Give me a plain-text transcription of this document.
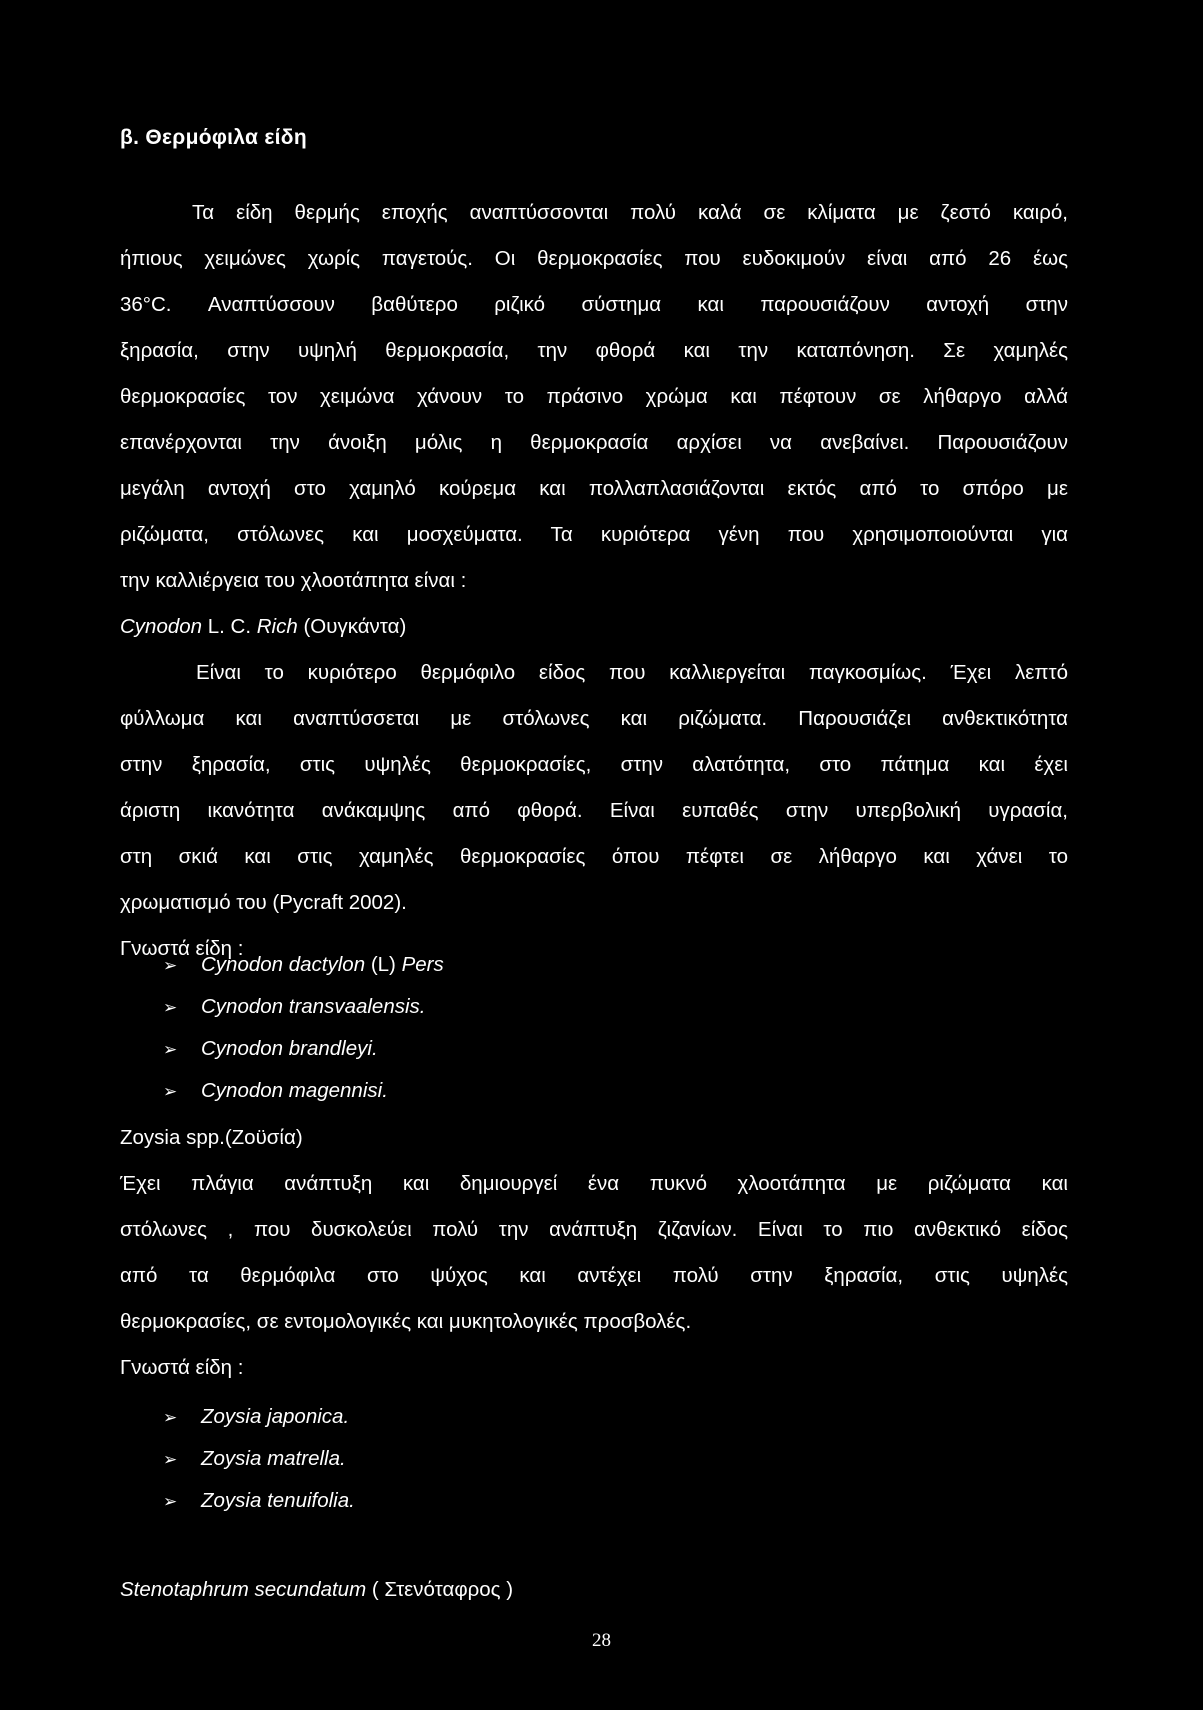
β. Θερμόφιλα είδη
Τα είδη θερμής εποχής αναπτύσσονται πολύ καλά σε κλίματα με ζεστό καιρό,
ήπιους χειμώνες χωρίς παγετούς. Οι θερμοκρασίες που ευδοκιμούν είναι από 26 έως
36°C. Αναπτύσσουν βαθύτερο ριζικό σύστημα και παρουσιάζουν αντοχή στην
ξηρασία, στην υψηλή θερμοκρασία, την φθορά και την καταπόνηση. Σε χαμηλές
θερμοκρασίες τον χειμώνα χάνουν το πράσινο χρώμα και πέφτουν σε λήθαργο αλλά
επανέρχονται την άνοιξη μόλις η θερμοκρασία αρχίσει να ανεβαίνει. Παρουσιάζουν
μεγάλη αντοχή στο χαμηλό κούρεμα και πολλαπλασιάζονται εκτός από το σπόρο με
ριζώματα, στόλωνες και μοσχεύματα. Τα κυριότερα γένη που χρησιμοποιούνται για
την καλλιέργεια του χλοοτάπητα είναι :
Cynodon L. C. Rich (Ουγκάντα)
Είναι το κυριότερο θερμόφιλο είδος που καλλιεργείται παγκοσμίως. Έχει λεπτό
φύλλωμα και αναπτύσσεται με στόλωνες και ριζώματα. Παρουσιάζει ανθεκτικότητα
στην ξηρασία, στις υψηλές θερμοκρασίες, στην αλατότητα, στο πάτημα και έχει
άριστη ικανότητα ανάκαμψης από φθορά. Είναι ευπαθές στην υπερβολική υγρασία,
στη σκιά και στις χαμηλές θερμοκρασίες όπου πέφτει σε λήθαργο και χάνει το
χρωματισμό του (Pycraft 2002).
Γνωστά είδη :
➢ Cynodon dactylon (L) Pers
➢ Cynodon transvaalensis.
➢ Cynodon brandleyi.
➢ Cynodon magennisi.
Zoysia spp.(Ζοϋσία)
Έχει πλάγια ανάπτυξη και δημιουργεί ένα πυκνό χλοοτάπητα με ριζώματα και
στόλωνες , που δυσκολεύει πολύ την ανάπτυξη ζιζανίων. Είναι το πιο ανθεκτικό είδος
από τα θερμόφιλα στο ψύχος και αντέχει πολύ στην ξηρασία, στις υψηλές
θερμοκρασίες, σε εντομολογικές και μυκητολογικές προσβολές.
Γνωστά είδη :
➢ Zoysia japonica.
➢ Zoysia matrella.
➢ Zoysia tenuifolia.
Stenotaphrum secundatum ( Στενόταφρος )
28
